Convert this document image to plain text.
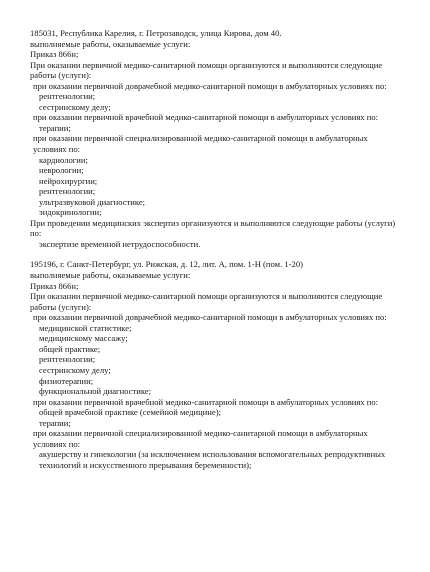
185031, Республика Карелия, г. Петрозаводск, улица Кирова, дом 40.

выполняемые работы, оказываемые услуги:

Приказ 866н;

При оказании первичной медико-санитарной помощи организуются и выполняются следующие работы (услуги):

при оказании первичной доврачебной медико-санитарной помощи в амбулаторных условиях по:

рентгенологии;

сестринскому делу;

при оказании первичной врачебной медико-санитарной помощи в амбулаторных условиях по:

терапии;

при оказании первичной специализированной медико-санитарной помощи в амбулаторных условиях по:

кардиологии;

неврологии;

нейрохирургии;

рентгенологии;

ультразвуковой диагностике;

эндокринологии;

При проведении медицинских экспертиз организуются и выполняются следующие работы (услуги) по:

экспертизе временной нетрудоспособности.

195196, г. Санкт-Петербург, ул. Рижская, д. 12, лит. А, пом. 1-Н (пом. 1-20)

выполняемые работы, оказываемые услуги:

Приказ 866н;

При оказании первичной медико-санитарной помощи организуются и выполняются следующие работы (услуги):

при оказании первичной доврачебной медико-санитарной помощи в амбулаторных условиях по:

медицинской статистике;

медицинскому массажу;

общей практике;

рентгенологии;

сестринскому делу;

физиотерапии;

функциональной диагностике;

при оказании первичной врачебной медико-санитарной помощи в амбулаторных условиях по:

общей врачебной практике (семейной медицине);

терапии;

при оказании первичной специализированной медико-санитарной помощи в амбулаторных условиях по:

акушерству и гинекологии (за исключением использования вспомогательных репродуктивных технологий и искусственного прерывания беременности);
